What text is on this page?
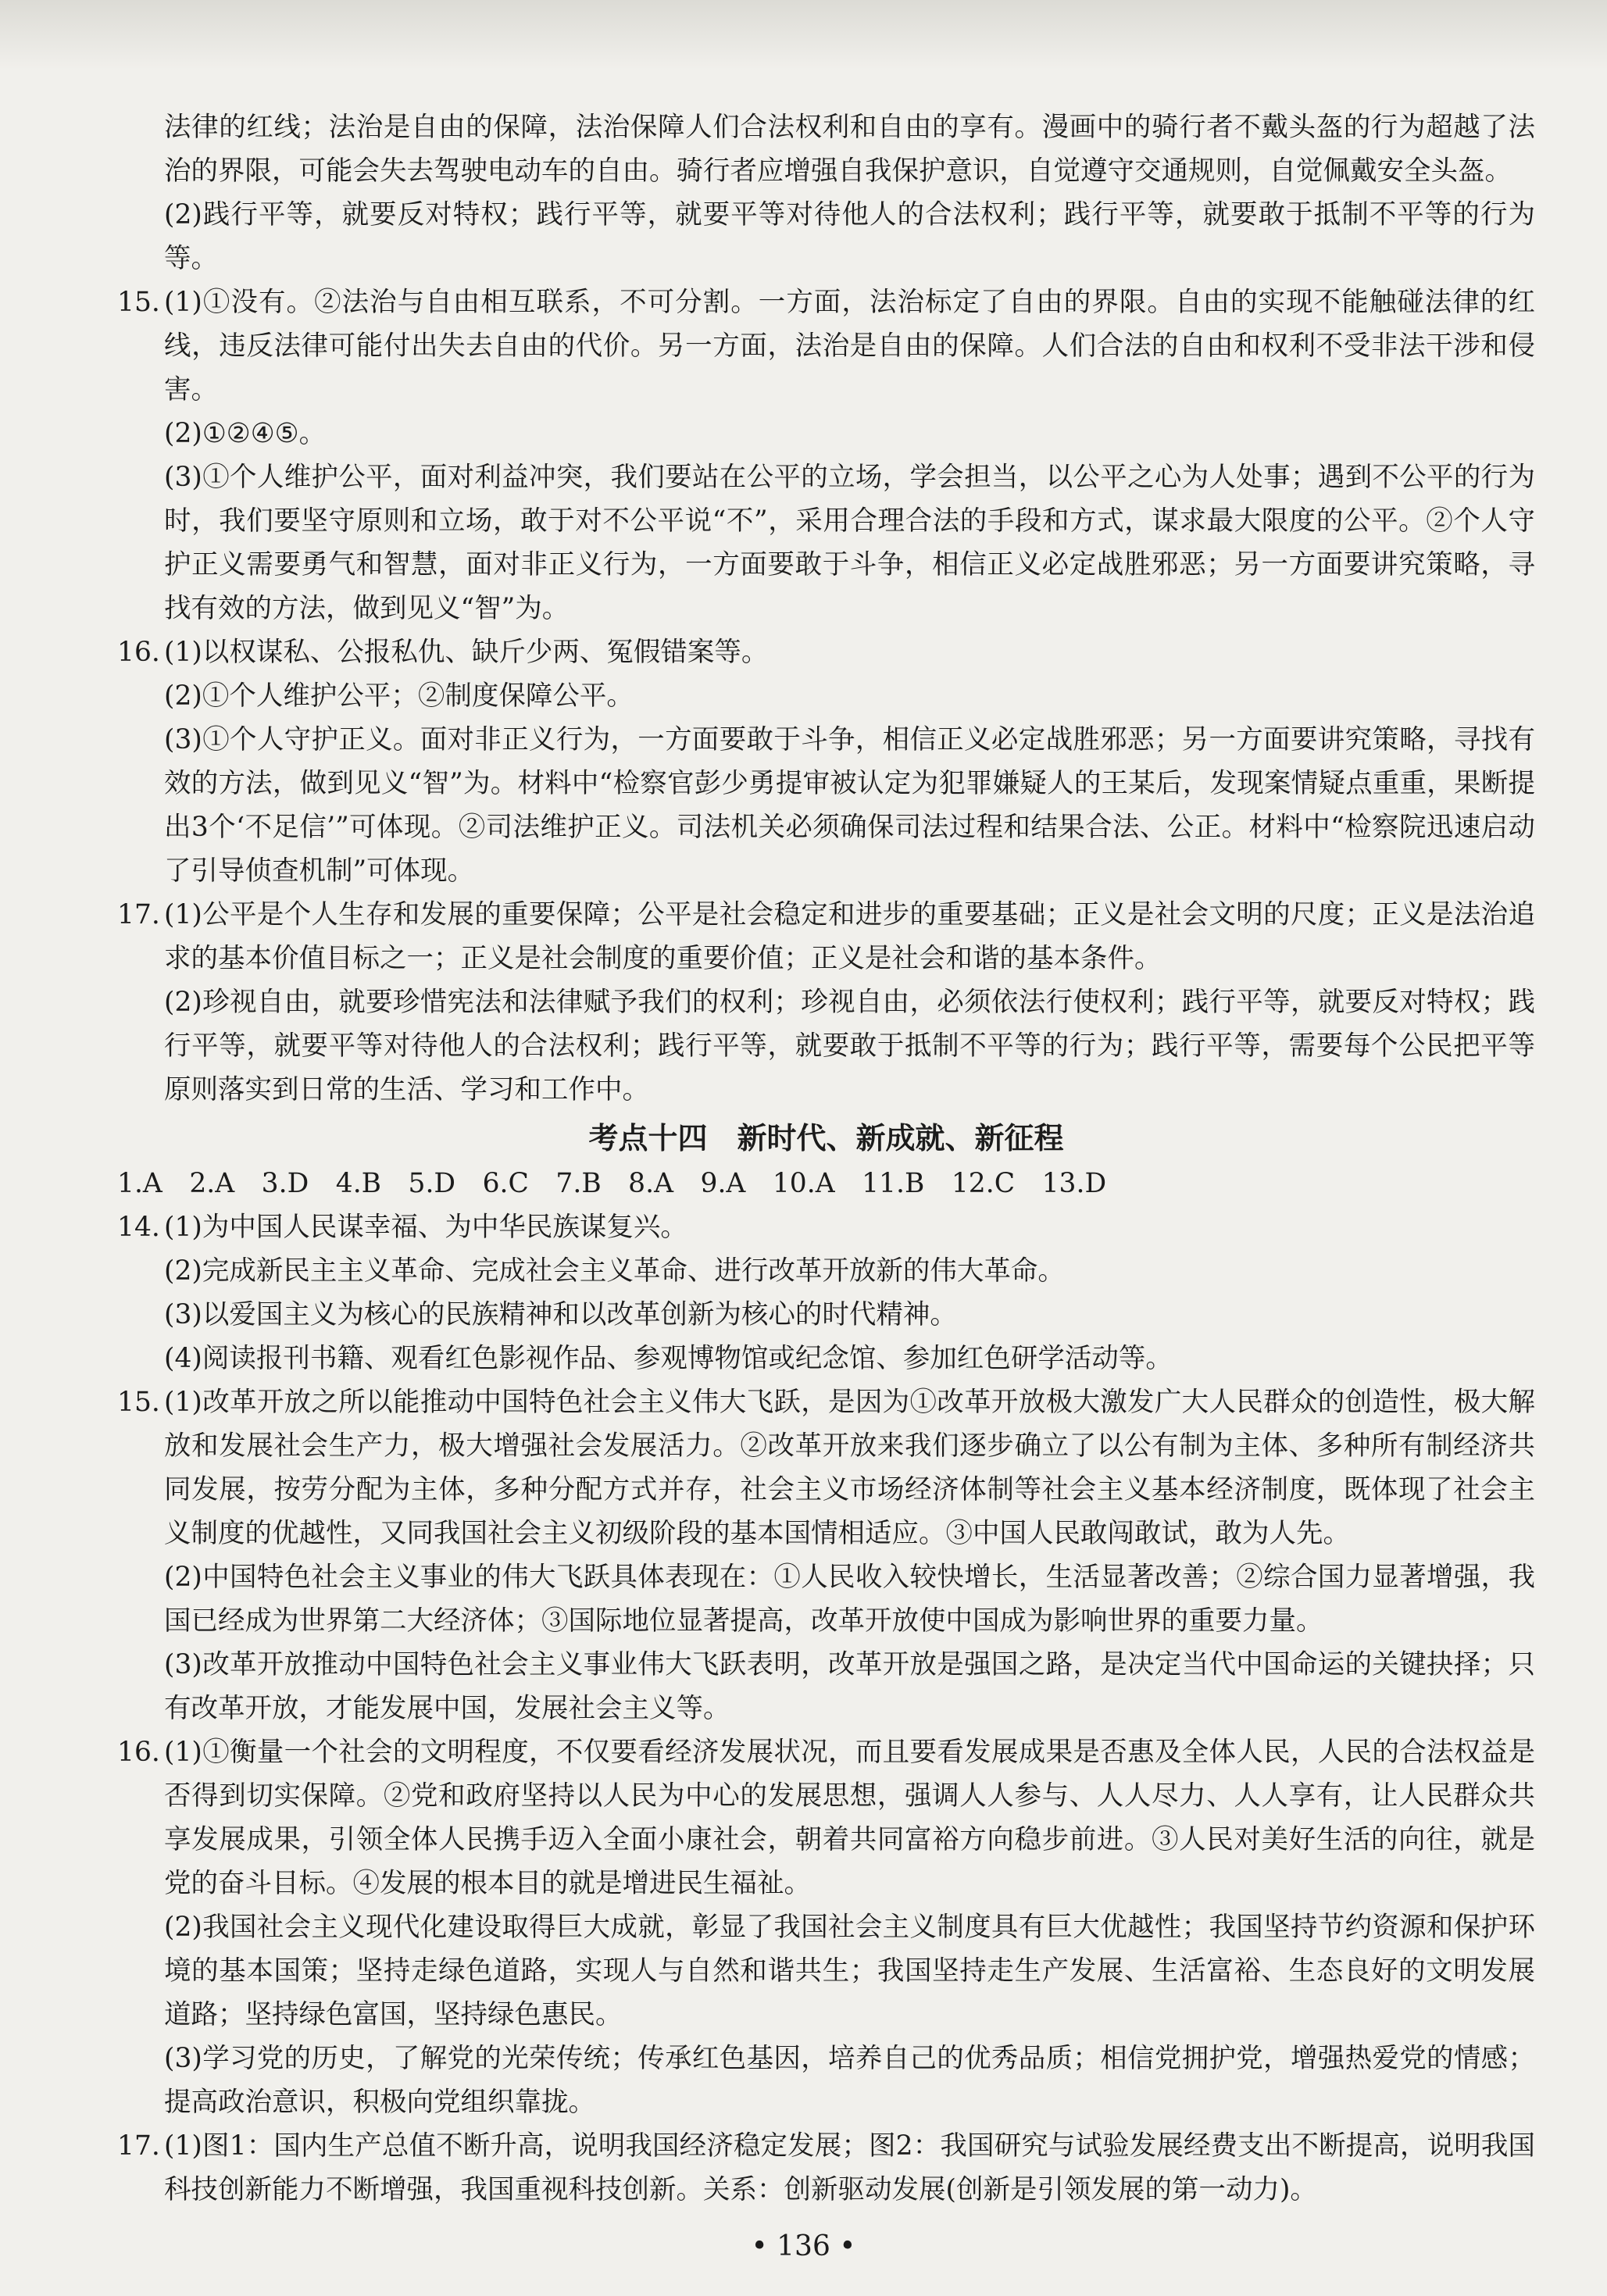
法律的红线；法治是自由的保障，法治保障人们合法权利和自由的享有。漫画中的骑行者不戴头盔的行为超越了法治的界限，可能会失去驾驶电动车的自由。骑行者应增强自我保护意识，自觉遵守交通规则，自觉佩戴安全头盔。

(2)践行平等，就要反对特权；践行平等，就要平等对待他人的合法权利；践行平等，就要敢于抵制不平等的行为等。

15. (1)①没有。②法治与自由相互联系，不可分割。一方面，法治标定了自由的界限。自由的实现不能触碰法律的红线，违反法律可能付出失去自由的代价。另一方面，法治是自由的保障。人们合法的自由和权利不受非法干涉和侵害。

(2)①②④⑤。

(3)①个人维护公平，面对利益冲突，我们要站在公平的立场，学会担当，以公平之心为人处事；遇到不公平的行为时，我们要坚守原则和立场，敢于对不公平说“不”，采用合理合法的手段和方式，谋求最大限度的公平。②个人守护正义需要勇气和智慧，面对非正义行为，一方面要敢于斗争，相信正义必定战胜邪恶；另一方面要讲究策略，寻找有效的方法，做到见义“智”为。

16. (1)以权谋私、公报私仇、缺斤少两、冤假错案等。

(2)①个人维护公平；②制度保障公平。

(3)①个人守护正义。面对非正义行为，一方面要敢于斗争，相信正义必定战胜邪恶；另一方面要讲究策略，寻找有效的方法，做到见义“智”为。材料中“检察官彭少勇提审被认定为犯罪嫌疑人的王某后，发现案情疑点重重，果断提出3个‘不足信’”可体现。②司法维护正义。司法机关必须确保司法过程和结果合法、公正。材料中“检察院迅速启动了引导侦查机制”可体现。

17. (1)公平是个人生存和发展的重要保障；公平是社会稳定和进步的重要基础；正义是社会文明的尺度；正义是法治追求的基本价值目标之一；正义是社会制度的重要价值；正义是社会和谐的基本条件。

(2)珍视自由，就要珍惜宪法和法律赋予我们的权利；珍视自由，必须依法行使权利；践行平等，就要反对特权；践行平等，就要平等对待他人的合法权利；践行平等，就要敢于抵制不平等的行为；践行平等，需要每个公民把平等原则落实到日常的生活、学习和工作中。

考点十四　新时代、新成就、新征程

1.A　2.A　3.D　4.B　5.D　6.C　7.B　8.A　9.A　10.A　11.B　12.C　13.D

14. (1)为中国人民谋幸福、为中华民族谋复兴。

(2)完成新民主主义革命、完成社会主义革命、进行改革开放新的伟大革命。

(3)以爱国主义为核心的民族精神和以改革创新为核心的时代精神。

(4)阅读报刊书籍、观看红色影视作品、参观博物馆或纪念馆、参加红色研学活动等。

15. (1)改革开放之所以能推动中国特色社会主义伟大飞跃，是因为①改革开放极大激发广大人民群众的创造性，极大解放和发展社会生产力，极大增强社会发展活力。②改革开放来我们逐步确立了以公有制为主体、多种所有制经济共同发展，按劳分配为主体，多种分配方式并存，社会主义市场经济体制等社会主义基本经济制度，既体现了社会主义制度的优越性，又同我国社会主义初级阶段的基本国情相适应。③中国人民敢闯敢试，敢为人先。

(2)中国特色社会主义事业的伟大飞跃具体表现在：①人民收入较快增长，生活显著改善；②综合国力显著增强，我国已经成为世界第二大经济体；③国际地位显著提高，改革开放使中国成为影响世界的重要力量。

(3)改革开放推动中国特色社会主义事业伟大飞跃表明，改革开放是强国之路，是决定当代中国命运的关键抉择；只有改革开放，才能发展中国，发展社会主义等。

16. (1)①衡量一个社会的文明程度，不仅要看经济发展状况，而且要看发展成果是否惠及全体人民，人民的合法权益是否得到切实保障。②党和政府坚持以人民为中心的发展思想，强调人人参与、人人尽力、人人享有，让人民群众共享发展成果，引领全体人民携手迈入全面小康社会，朝着共同富裕方向稳步前进。③人民对美好生活的向往，就是党的奋斗目标。④发展的根本目的就是增进民生福祉。

(2)我国社会主义现代化建设取得巨大成就，彰显了我国社会主义制度具有巨大优越性；我国坚持节约资源和保护环境的基本国策；坚持走绿色道路，实现人与自然和谐共生；我国坚持走生产发展、生活富裕、生态良好的文明发展道路；坚持绿色富国，坚持绿色惠民。

(3)学习党的历史，了解党的光荣传统；传承红色基因，培养自己的优秀品质；相信党拥护党，增强热爱党的情感；提高政治意识，积极向党组织靠拢。

17. (1)图1：国内生产总值不断升高，说明我国经济稳定发展；图2：我国研究与试验发展经费支出不断提高，说明我国科技创新能力不断增强，我国重视科技创新。关系：创新驱动发展(创新是引领发展的第一动力)。

• 136 •
